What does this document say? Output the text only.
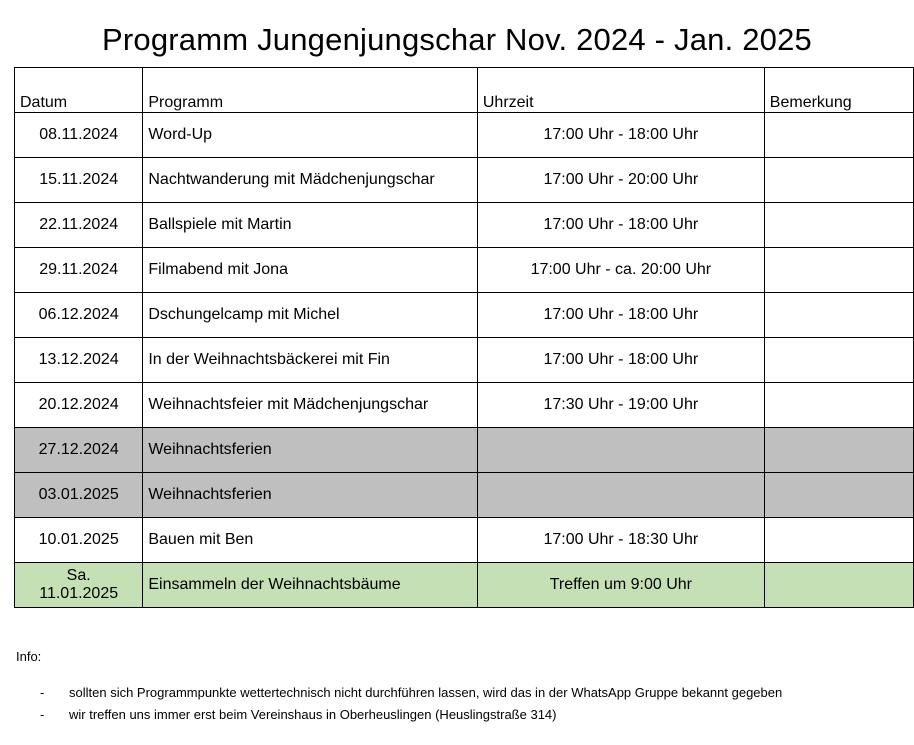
Programm Jungenjungschar Nov. 2024 - Jan. 2025
Datum	Programm	Uhrzeit	Bemerkung
08.11.2024	Word-Up	17:00 Uhr - 18:00 Uhr	
15.11.2024	Nachtwanderung mit Mädchenjungschar	17:00 Uhr - 20:00 Uhr	
22.11.2024	Ballspiele mit Martin	17:00 Uhr - 18:00 Uhr	
29.11.2024	Filmabend mit Jona	17:00 Uhr - ca. 20:00 Uhr	
06.12.2024	Dschungelcamp mit Michel	17:00 Uhr - 18:00 Uhr	
13.12.2024	In der Weihnachtsbäckerei mit Fin	17:00 Uhr - 18:00 Uhr	
20.12.2024	Weihnachtsfeier mit Mädchenjungschar	17:30 Uhr - 19:00 Uhr	
27.12.2024	Weihnachtsferien		
03.01.2025	Weihnachtsferien		
10.01.2025	Bauen mit Ben	17:00 Uhr - 18:30 Uhr	

Sa.
11.01.2025	Einsammeln der Weihnachtsbäume	Treffen um 9:00 Uhr	
Info:
-	sollten sich Programmpunkte wettertechnisch nicht durchführen lassen, wird das in der WhatsApp Gruppe bekannt gegeben
-	wir treffen uns immer erst beim Vereinshaus in Oberheuslingen (Heuslingstraße 314)
